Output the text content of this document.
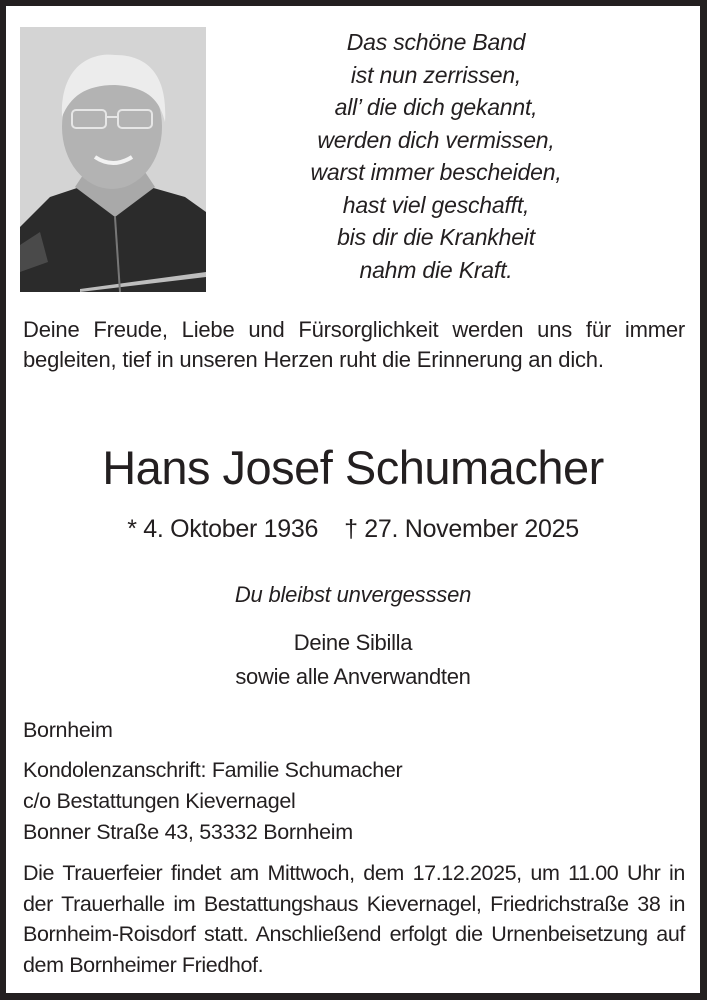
Das schöne Band
ist nun zerrissen,
all’ die dich gekannt,
werden dich vermissen,
warst immer bescheiden,
hast viel geschafft,
bis dir die Krankheit
nahm die Kraft.
Deine Freude, Liebe und Fürsorglichkeit werden uns für immer begleiten, tief in unseren Herzen ruht die Erinnerung an dich.
Hans Josef Schumacher
* 4. Oktober 1936 † 27. November 2025
Du bleibst unvergesssen
Deine Sibilla
sowie alle Anverwandten
Bornheim
Kondolenzanschrift: Familie Schumacher
c/o Bestattungen Kievernagel
Bonner Straße 43, 53332 Bornheim
Die Trauerfeier findet am Mittwoch, dem 17.12.2025, um 11.00 Uhr in der Trauerhalle im Bestattungshaus Kievernagel, Friedrichstraße 38 in Bornheim-Roisdorf statt. Anschließend erfolgt die Urnenbeisetzung auf dem Bornheimer Friedhof.
